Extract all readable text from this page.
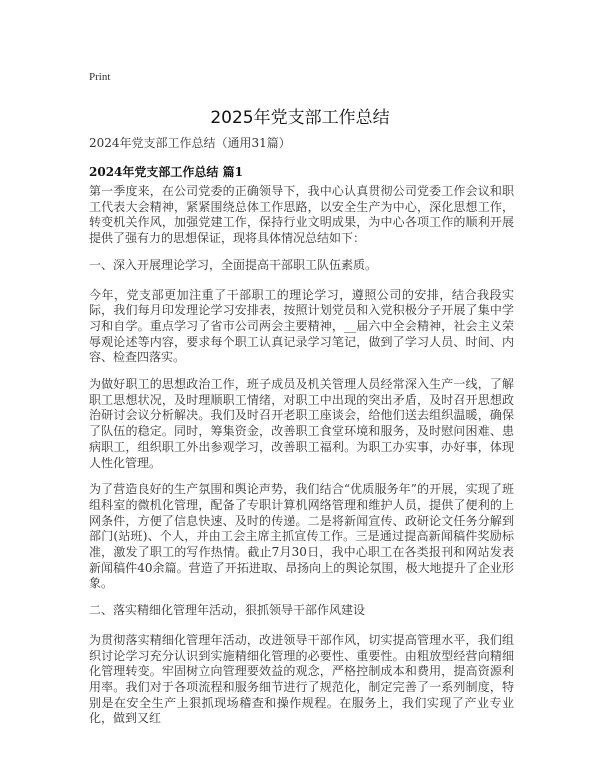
Print
2025年党支部工作总结
2024年党支部工作总结（通用31篇）
2024年党支部工作总结 篇1

第一季度来，在公司党委的正确领导下，我中心认真贯彻公司党委工作会议和职工代表大会精神，紧紧围绕总体工作思路，以安全生产为中心，深化思想工作，转变机关作风，加强党建工作，保持行业文明成果，为中心各项工作的顺利开展提供了强有力的思想保证，现将具体情况总结如下：

一、深入开展理论学习，全面提高干部职工队伍素质。

今年，党支部更加注重了干部职工的理论学习，遵照公司的安排，结合我段实际，我们每月印发理论学习安排表，按照计划党员和入党积极分子开展了集中学习和自学。重点学习了省市公司两会主要精神，__届六中全会精神，社会主义荣辱观论述等内容，要求每个职工认真记录学习笔记，做到了学习人员、时间、内容、检查四落实。

为做好职工的思想政治工作，班子成员及机关管理人员经常深入生产一线，了解职工思想状况，及时理顺职工情绪，对职工中出现的突出矛盾，及时召开思想政治研讨会议分析解决。我们及时召开老职工座谈会，给他们送去组织温暖，确保了队伍的稳定。同时，筹集资金，改善职工食堂环境和服务，及时慰问困难、患病职工，组织职工外出参观学习，改善职工福利。为职工办实事，办好事，体现人性化管理。

为了营造良好的生产氛围和舆论声势，我们结合“优质服务年”的开展，实现了班组科室的微机化管理，配备了专职计算机网络管理和维护人员，提供了便利的上网条件，方便了信息快速、及时的传递。二是将新闻宣传、政研论文任务分解到部门(站班)、个人，并由工会主席主抓宣传工作。三是通过提高新闻稿件奖励标准，激发了职工的写作热情。截止7月30日，我中心职工在各类报刊和网站发表新闻稿件40余篇。营造了开拓进取、昂扬向上的舆论氛围，极大地提升了企业形象。

二、落实精细化管理年活动，狠抓领导干部作风建设

为贯彻落实精细化管理年活动，改进领导干部作风，切实提高管理水平，我们组织讨论学习充分认识到实施精细化管理的必要性、重要性。由粗放型经营向精细化管理转变。牢固树立向管理要效益的观念，严格控制成本和费用，提高资源利用率。我们对于各项流程和服务细节进行了规范化，制定完善了一系列制度，特别是在安全生产上狠抓现场稽查和操作规程。在服务上，我们实现了产业专业化，做到又红
